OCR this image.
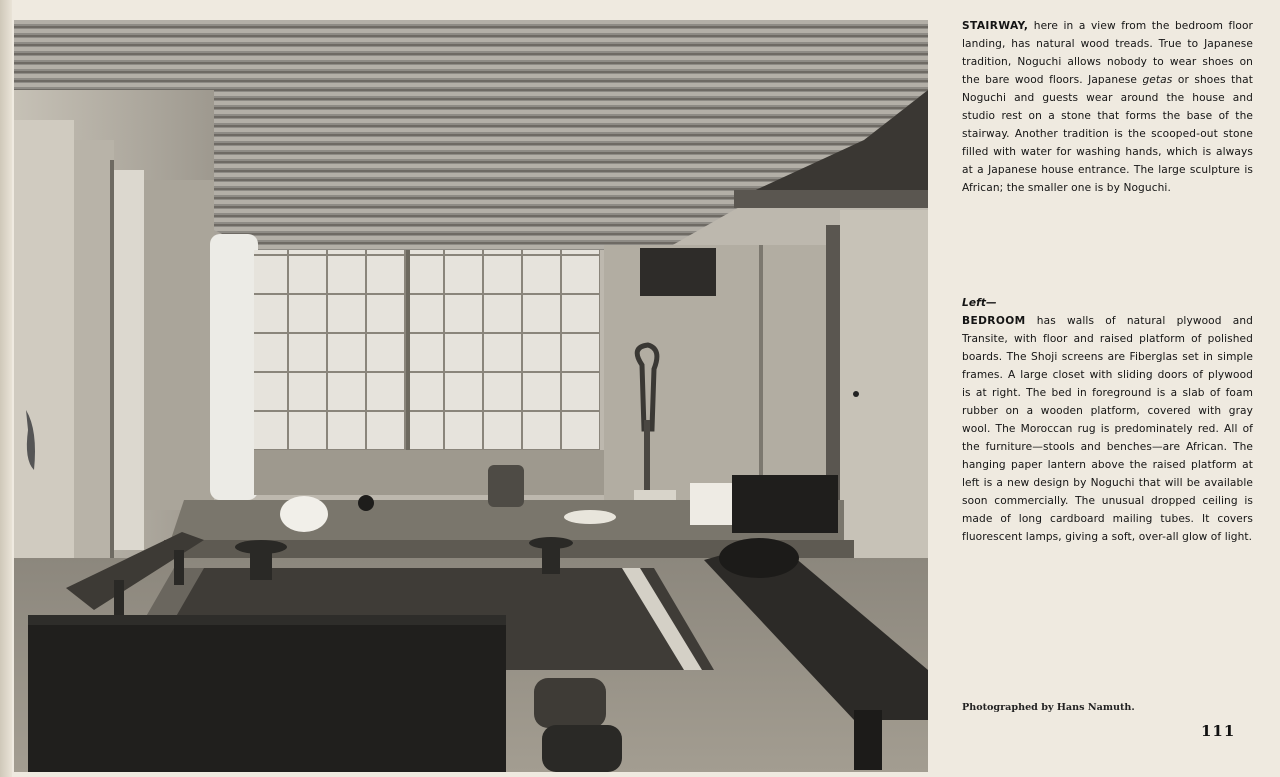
STAIRWAY, here in a view from the bedroom floor landing, has natural wood treads. True to Japanese tradition, Noguchi allows nobody to wear shoes on the bare wood floors. Japanese getas or shoes that Noguchi and guests wear around the house and studio rest on a stone that forms the base of the stairway. Another tradition is the scooped-out stone filled with water for washing hands, which is always at a Japanese house entrance. The large sculpture is African; the smaller one is by Noguchi.
Left—
BEDROOM has walls of natural plywood and Transite, with floor and raised platform of polished boards. The Shoji screens are Fiberglas set in simple frames. A large closet with sliding doors of plywood is at right. The bed in foreground is a slab of foam rubber on a wooden platform, covered with gray wool. The Moroccan rug is predominately red. All of the furniture—stools and benches—are African. The hanging paper lantern above the raised platform at left is a new design by Noguchi that will be available soon commercially. The unusual dropped ceiling is made of long cardboard mailing tubes. It covers fluorescent lamps, giving a soft, over-all glow of light.
Photographed by Hans Namuth.
111
